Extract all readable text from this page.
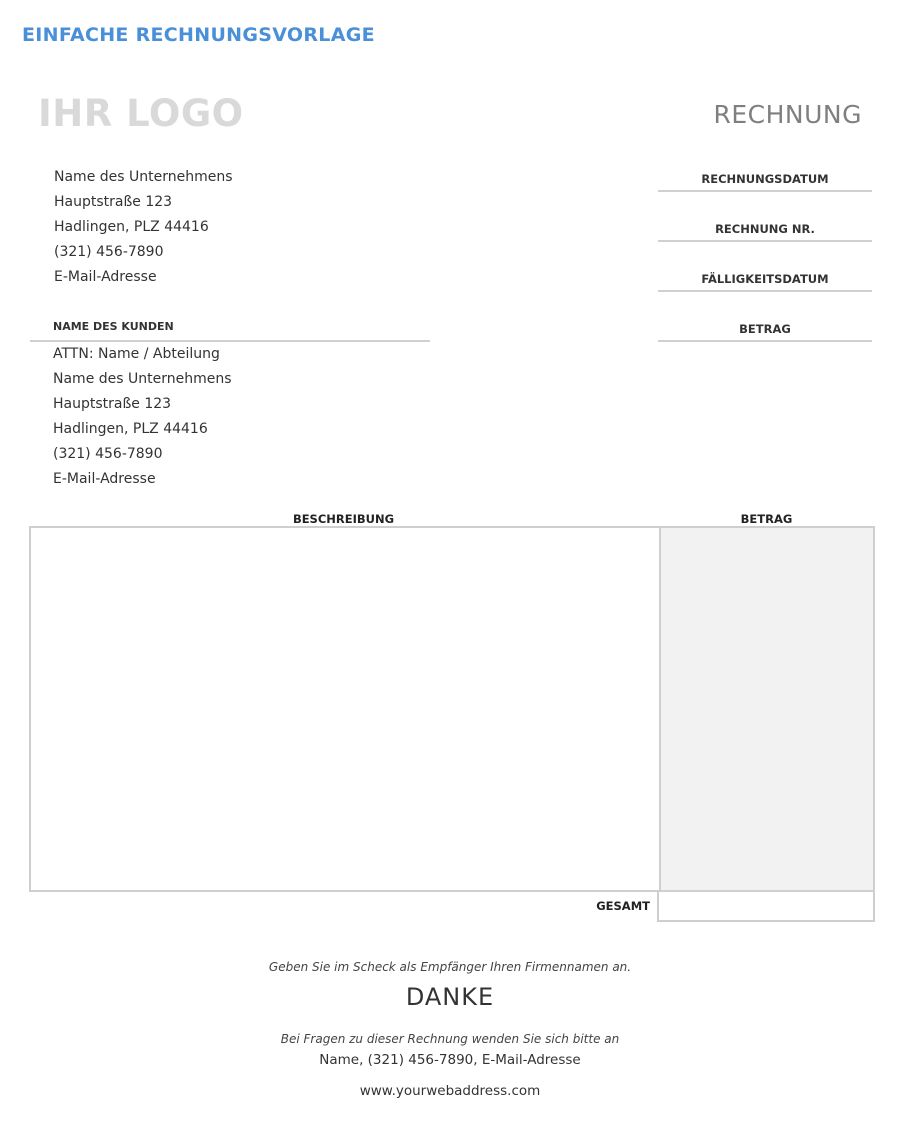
EINFACHE RECHNUNGSVORLAGE
IHR LOGO	RECHNUNG
Name des Unternehmens
Hauptstraße 123
Hadlingen, PLZ 44416
(321) 456-7890
E-Mail-Adresse
RECHNUNGSDATUM
RECHNUNG NR.
FÄLLIGKEITSDATUM
BETRAG
NAME DES KUNDEN
ATTN: Name / Abteilung
Name des Unternehmens
Hauptstraße 123
Hadlingen, PLZ 44416
(321) 456-7890
E-Mail-Adresse
BESCHREIBUNG	BETRAG
GESAMT
Geben Sie im Scheck als Empfänger Ihren Firmennamen an.
DANKE
Bei Fragen zu dieser Rechnung wenden Sie sich bitte an
Name, (321) 456-7890, E-Mail-Adresse
www.yourwebaddress.com
